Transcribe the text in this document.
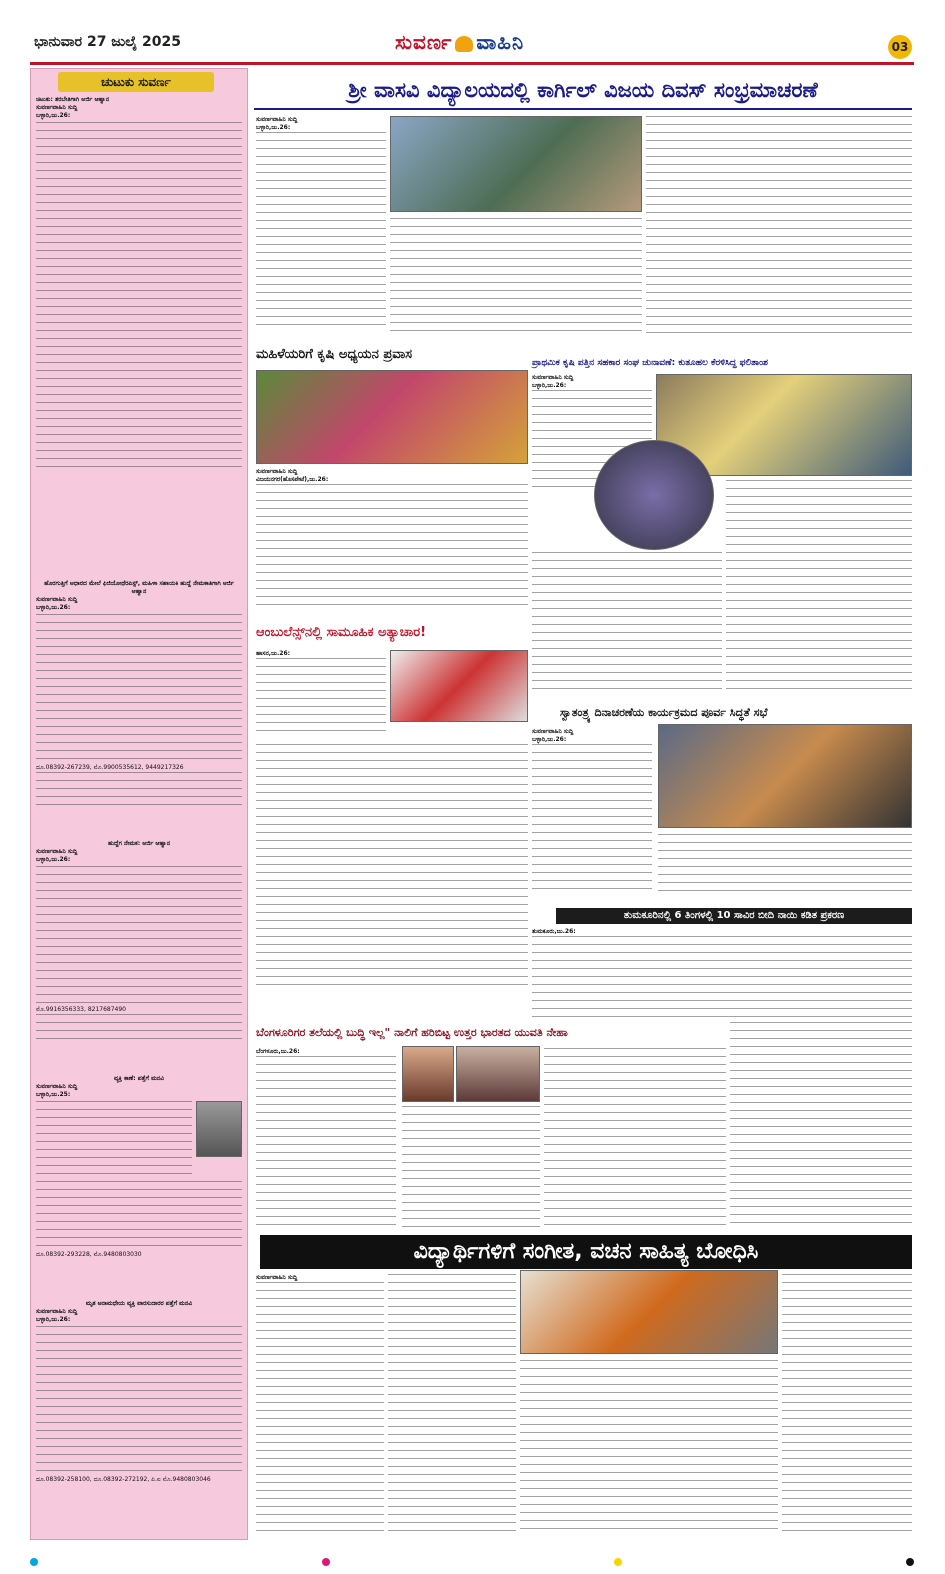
ಭಾನುವಾರ 27 ಜುಲೈ 2025	ಸುವರ್ಣ ವಾಹಿನಿ	03
ಚುಟುಕು ಸುವರ್ಣ
ಚಿಟುಕು: ತರಬೇತಿಗಾಗಿ ಅರ್ಜಿ ಆಹ್ವಾನ
ಸುವರ್ಣವಾಹಿನಿ ಸುದ್ದಿ
ಬಳ್ಳಾರಿ,ಜು.26:
ಹೊರಗುತ್ತಿಗೆ ಆಧಾರದ ಮೇಲೆ ಫಿಜಿಯೋಥೆರಪಿಸ್ಟ್, ಮಹಿಳಾ ಸಹಾಯಕಿ ಹುದ್ದೆ ನೇಮಕಾತಿಗಾಗಿ ಅರ್ಜಿ ಆಹ್ವಾನ
ಸುವರ್ಣವಾಹಿನಿ ಸುದ್ದಿ
ಬಳ್ಳಾರಿ,ಜು.26:
ದೂ.08392-267239, ಮೊ.9900535612, 9449217326
ಹುದ್ದೆಗ ನೇಮಕ: ಅರ್ಜಿ ಆಹ್ವಾನ
ಸುವರ್ಣವಾಹಿನಿ ಸುದ್ದಿ
ಬಳ್ಳಾರಿ,ಜು.26:
ಮೊ.9916356333, 8217687490
ವ್ಯಕ್ತಿ ಕಾಣೆ: ಪತ್ತೆಗೆ ಮನವಿ
ಸುವರ್ಣವಾಹಿನಿ ಸುದ್ದಿ
ಬಳ್ಳಾರಿ,ಜು.25:
ದೂ.08392-293228, ಮೊ.9480803030
ಮೃತ ಅನಾಮಧೇಯ ವ್ಯಕ್ತಿ ವಾರಸುದಾರರ ಪತ್ತೆಗೆ ಮನವಿ
ಸುವರ್ಣವಾಹಿನಿ ಸುದ್ದಿ
ಬಳ್ಳಾರಿ,ಜು.26:
ದೂ.08392-258100, ದೂ.08392-272192, ಪಿ.ಐ ಮೊ.9480803046
ಶ್ರೀ ವಾಸವಿ ವಿದ್ಯಾಲಯದಲ್ಲಿ ಕಾರ್ಗಿಲ್ ವಿಜಯ ದಿವಸ್ ಸಂಭ್ರಮಾಚರಣೆ
ಸುವರ್ಣವಾಹಿನಿ ಸುದ್ದಿ
ಬಳ್ಳಾರಿ,ಜು.26:
ಮಹಿಳೆಯರಿಗೆ ಕೃಷಿ ಅಧ್ಯಯನ ಪ್ರವಾಸ
ಸುವರ್ಣವಾಹಿನಿ ಸುದ್ದಿ
ವಿಜಯನಗರ(ಹೊಸಪೇಟೆ),ಜು.26:
ಪ್ರಾಥಮಿಕ ಕೃಷಿ ಪತ್ತಿನ ಸಹಕಾರ ಸಂಘ ಚುನಾವಣೆ: ಕುತೂಹಲ ಕೆರಳಿಸಿದ್ದ ಫಲಿತಾಂಶ
ಸುವರ್ಣವಾಹಿನಿ ಸುದ್ದಿ
ಬಳ್ಳಾರಿ,ಜು.26:
ಆಂಬುಲೆನ್ಸ್‌ನಲ್ಲಿ ಸಾಮೂಹಿಕ ಅತ್ಯಾಚಾರ!
ಹಾಸನ,ಜು.26:
ಸ್ವಾತಂತ್ರ್ಯ ದಿನಾಚರಣೆಯ ಕಾರ್ಯಕ್ರಮದ ಪೂರ್ವ ಸಿದ್ಧತೆ ಸಭೆ
ಸುವರ್ಣವಾಹಿನಿ ಸುದ್ದಿ
ಬಳ್ಳಾರಿ,ಜು.26:
ತುಮಕೂರಿನಲ್ಲಿ 6 ತಿಂಗಳಲ್ಲಿ 10 ಸಾವಿರ ಬೀದಿ ನಾಯಿ ಕಡಿತ ಪ್ರಕರಣ
ತುಮಕೂರು,ಜು.26:
ಬೆಂಗಳೂರಿಗರ ತಲೆಯಲ್ಲಿ ಬುದ್ಧಿ ಇಲ್ಲ" ನಾಲಿಗೆ ಹರಿಬಿಟ್ಟ ಉತ್ತರ ಭಾರತದ ಯುವತಿ ನೇಹಾ
ಬೆಂಗಳೂರು,ಜು.26:
ವಿದ್ಯಾರ್ಥಿಗಳಿಗೆ ಸಂಗೀತ, ವಚನ ಸಾಹಿತ್ಯ ಬೋಧಿಸಿ
ಸುವರ್ಣವಾಹಿನಿ ಸುದ್ದಿ
